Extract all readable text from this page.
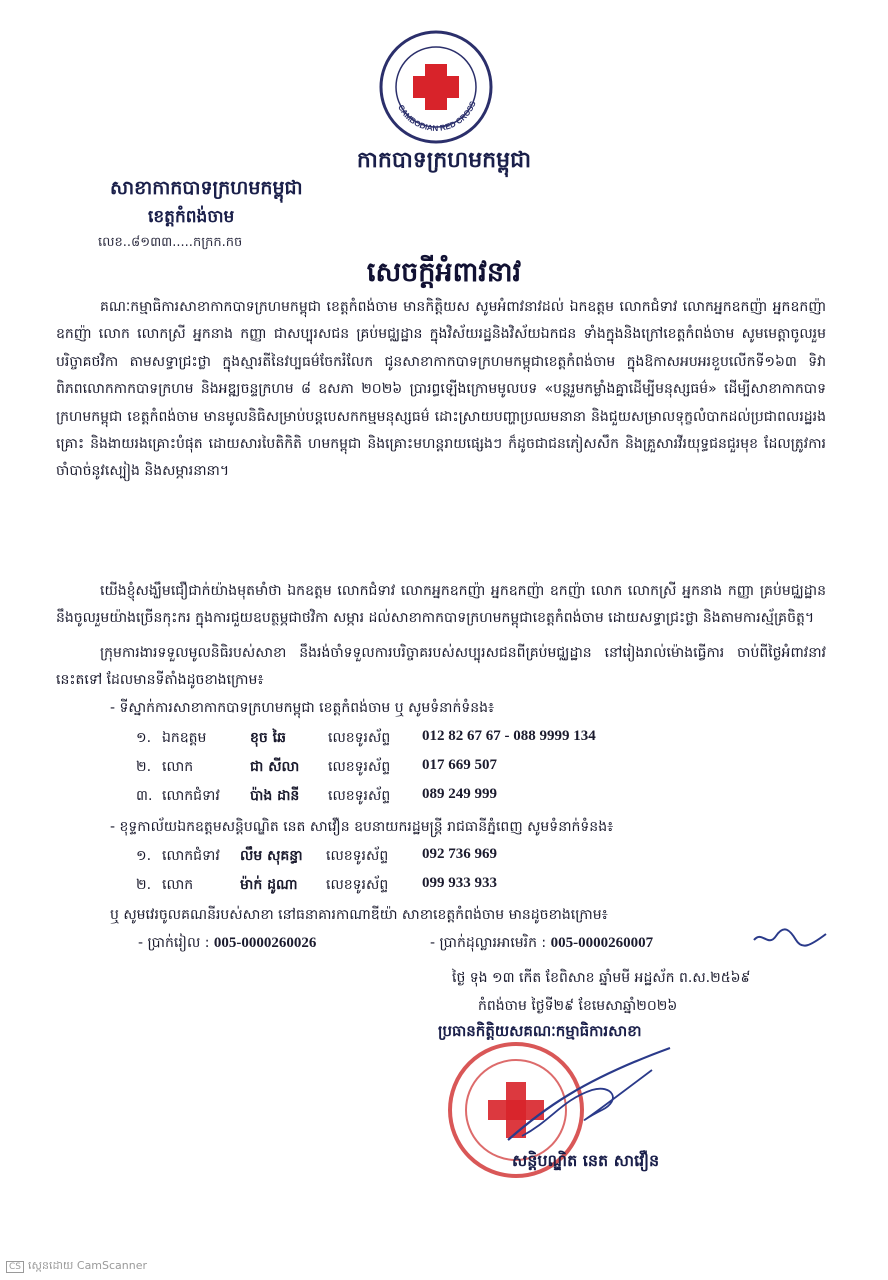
CAMBODIAN RED CROSS
កាកបាទក្រហមកម្ពុជា
សាខាកាកបាទក្រហមកម្ពុជា
ខេត្តកំពង់ចាម
លេខ..៨១៣៣.....កក្រក.កច
សេចក្តីអំពាវនាវ

គណៈកម្មាធិការសាខាកាកបាទក្រហមកម្ពុជា ខេត្តកំពង់ចាម មានកិត្តិយស សូមអំពាវនាវដល់ ឯកឧត្តម លោកជំទាវ លោកអ្នកឧកញ៉ា អ្នកឧកញ៉ា ឧកញ៉ា លោក លោកស្រី អ្នកនាង កញ្ញា ជាសប្បុរសជន គ្រប់មជ្ឈដ្ឋាន ក្នុងវិស័យរដ្ឋនិងវិស័យឯកជន ទាំងក្នុងនិងក្រៅខេត្តកំពង់ចាម សូមមេត្តាចូលរួមបរិច្ចាគថវិកា តាមសទ្ធាជ្រះថ្លា ក្នុងស្មារតីនៃវប្បធម៌ចែករំលែក ជូនសាខាកាកបាទក្រហមកម្ពុជាខេត្តកំពង់ចាម ក្នុងឱកាសអបអរខួបលើកទី១៦៣ ទិវាពិភពលោកកាកបាទក្រហម និងអឌ្ឍចន្ទក្រហម ៨ ឧសភា ២០២៦ ប្រារព្ធឡើងក្រោមមូលបទ «បន្តរួមកម្លាំងគ្នាដើម្បីមនុស្សធម៌» ដើម្បីសាខាកាកបាទក្រហមកម្ពុជា ខេត្តកំពង់ចាម មានមូលនិធិសម្រាប់បន្តបេសកកម្មមនុស្សធម៌ ដោះស្រាយបញ្ហាប្រឈមនានា និងជួយសម្រាលទុក្ខលំបាកដល់ប្រជាពលរដ្ឋរងគ្រោះ និងងាយរងគ្រោះបំផុត ដោយសារបៃតិកិតិ ហមកម្ពុជា និងគ្រោះមហន្តរាយផ្សេងៗ ក៏ដូចជាជនភៀសសឹក និងគ្រួសារវីរយុទ្ធជនជួរមុខ ដែលត្រូវការចាំបាច់នូវស្បៀង និងសម្ភារនានា។

យើងខ្ញុំសង្ឃឹមជឿជាក់យ៉ាងមុតមាំថា ឯកឧត្តម លោកជំទាវ លោកអ្នកឧកញ៉ា អ្នកឧកញ៉ា ឧកញ៉ា លោក លោកស្រី អ្នកនាង កញ្ញា គ្រប់មជ្ឈដ្ឋាននឹងចូលរួមយ៉ាងច្រើនកុះករ ក្នុងការជួយឧបត្ថម្ភជាថវិកា សម្ភារ ដល់សាខាកាកបាទក្រហមកម្ពុជាខេត្តកំពង់ចាម ដោយសទ្ធាជ្រះថ្លា និងតាមការស្ម័គ្រចិត្ត។

ក្រុមការងារទទួលមូលនិធិរបស់សាខា នឹងរង់ចាំទទួលការបរិច្ចាគរបស់សប្បុរសជនពីគ្រប់មជ្ឈដ្ឋាន នៅរៀងរាល់ម៉ោងធ្វើការ ចាប់ពីថ្ងៃអំពាវនាវនេះតទៅ ដែលមានទីតាំងដូចខាងក្រោម៖

- ទីស្នាក់ការសាខាកាកបាទក្រហមកម្ពុជា ខេត្តកំពង់ចាម ឬ សូមទំនាក់ទំនង៖
១. ឯកឧត្តម	ខុច ឆៃ	លេខទូរស័ព្ទ 012 82 67 67 - 088 9999 134
២. លោក	ជា សីលា លេខទូរស័ព្ទ 017 669 507
៣. លោកជំទាវ ប៉ាង ដានី លេខទូរស័ព្ទ 089 249 999
- ខុទ្ទកាល័យឯកឧត្តមសន្តិបណ្ឌិត នេត សាវឿន ឧបនាយករដ្ឋមន្ត្រី រាជធានីភ្នំពេញ សូមទំនាក់ទំនង៖
១. លោកជំទាវ លឹម សុគន្ធា លេខទូរស័ព្ទ 092 736 969
២. លោក	ម៉ាក់ ដូណា លេខទូរស័ព្ទ 099 933 933
ឬ សូមវេរចូលគណនីរបស់សាខា នៅធនាគារកាណាឌីយ៉ា សាខាខេត្តកំពង់ចាម មានដូចខាងក្រោម៖
- ប្រាក់រៀល : 005-0000260026	- ប្រាក់ដុល្លារអាមេរិក : 005-0000260007
ថ្ងៃ ទុង ១៣ កើត ខែពិសាខ ឆ្នាំមមី អដ្ឋស័ក ព.ស.២៥៦៩
កំពង់ចាម ថ្ងៃទី២៩ ខែមេសាឆ្នាំ២០២៦
ប្រធានកិត្តិយសគណៈកម្មាធិការសាខា
សន្តិបណ្ឌិត នេត សាវឿន
CS ស្កេនដោយ CamScanner
